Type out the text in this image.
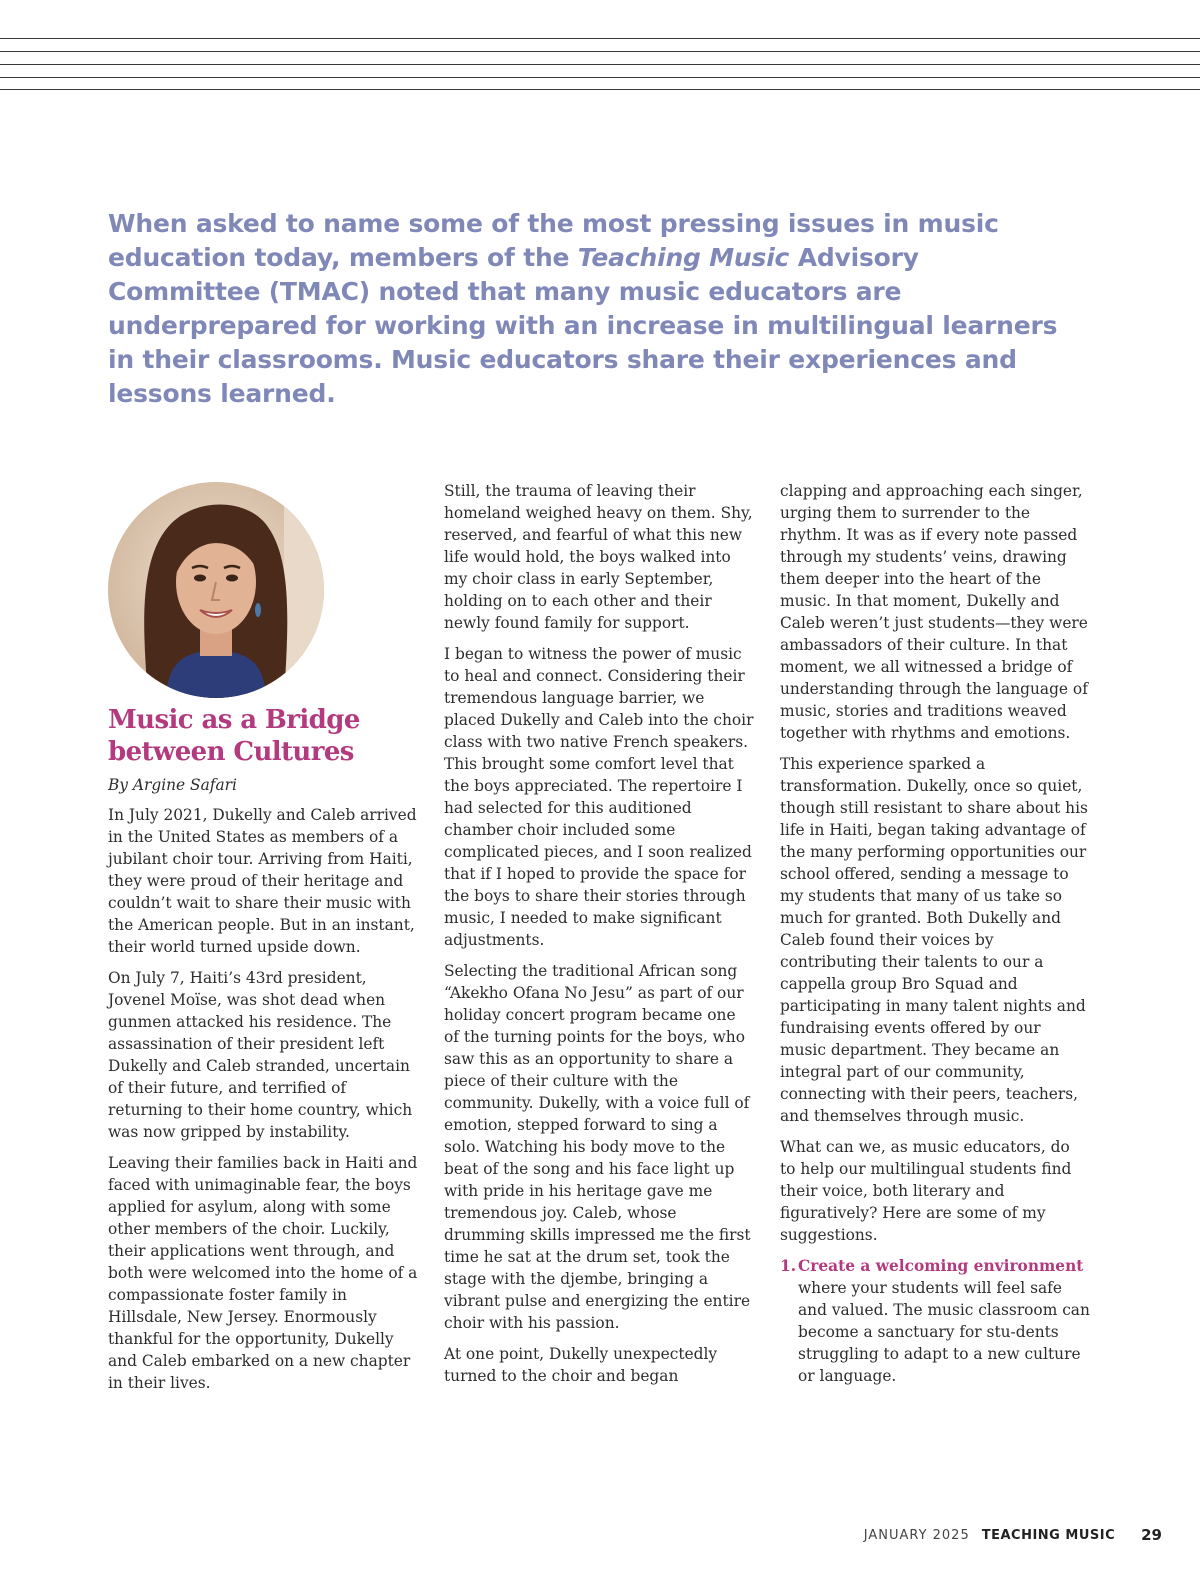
When asked to name some of the most pressing issues in music education today, members of the Teaching Music Advisory Committee (TMAC) noted that many music educators are underprepared for working with an increase in multilingual learners in their classrooms. Music educators share their experiences and lessons learned.
Music as a Bridge
between Cultures

By Argine Safari

In July 2021, Dukelly and Caleb arrived in the United States as members of a jubilant choir tour. Arriving from Haiti, they were proud of their heritage and couldn’t wait to share their music with the American people. But in an instant, their world turned upside down.

On July 7, Haiti’s 43rd president, Jovenel Moïse, was shot dead when gunmen attacked his residence. The assassination of their president left Dukelly and Caleb stranded, uncertain of their future, and terrified of returning to their home country, which was now gripped by instability.

Leaving their families back in Haiti and faced with unimaginable fear, the boys applied for asylum, along with some other members of the choir. Luckily, their applications went through, and both were welcomed into the home of a compassionate foster family in Hillsdale, New Jersey. Enormously thankful for the opportunity, Dukelly and Caleb embarked on a new chapter in their lives.

Still, the trauma of leaving their homeland weighed heavy on them. Shy, reserved, and fearful of what this new life would hold, the boys walked into my choir class in early September, holding on to each other and their newly found family for support.

I began to witness the power of music to heal and connect. Considering their tremendous language barrier, we placed Dukelly and Caleb into the choir class with two native French speakers. This brought some comfort level that the boys appreciated. The repertoire I had selected for this auditioned chamber choir included some complicated pieces, and I soon realized that if I hoped to provide the space for the boys to share their stories through music, I needed to make significant adjustments.

Selecting the traditional African song “Akekho Ofana No Jesu” as part of our holiday concert program became one of the turning points for the boys, who saw this as an opportunity to share a piece of their culture with the community. Dukelly, with a voice full of emotion, stepped forward to sing a solo. Watching his body move to the beat of the song and his face light up with pride in his heritage gave me tremendous joy. Caleb, whose drumming skills impressed me the first time he sat at the drum set, took the stage with the djembe, bringing a vibrant pulse and energizing the entire choir with his passion.

At one point, Dukelly unexpectedly turned to the choir and began

clapping and approaching each singer, urging them to surrender to the rhythm. It was as if every note passed through my students’ veins, drawing them deeper into the heart of the music. In that moment, Dukelly and Caleb weren’t just students—they were ambassadors of their culture. In that moment, we all witnessed a bridge of understanding through the language of music, stories and traditions weaved together with rhythms and emotions.

This experience sparked a transformation. Dukelly, once so quiet, though still resistant to share about his life in Haiti, began taking advantage of the many performing opportunities our school offered, sending a message to my students that many of us take so much for granted. Both Dukelly and Caleb found their voices by contributing their talents to our a cappella group Bro Squad and participating in many talent nights and fundraising events offered by our music department. They became an integral part of our community, connecting with their peers, teachers, and themselves through music.

What can we, as music educators, do to help our multilingual students find their voice, both literary and figuratively? Here are some of my suggestions.

1. Create a welcoming environment where your students will feel safe and valued. The music classroom can become a sanctuary for stu-dents struggling to adapt to a new culture or language.
JANUARY 2025 TEACHING MUSIC 29
